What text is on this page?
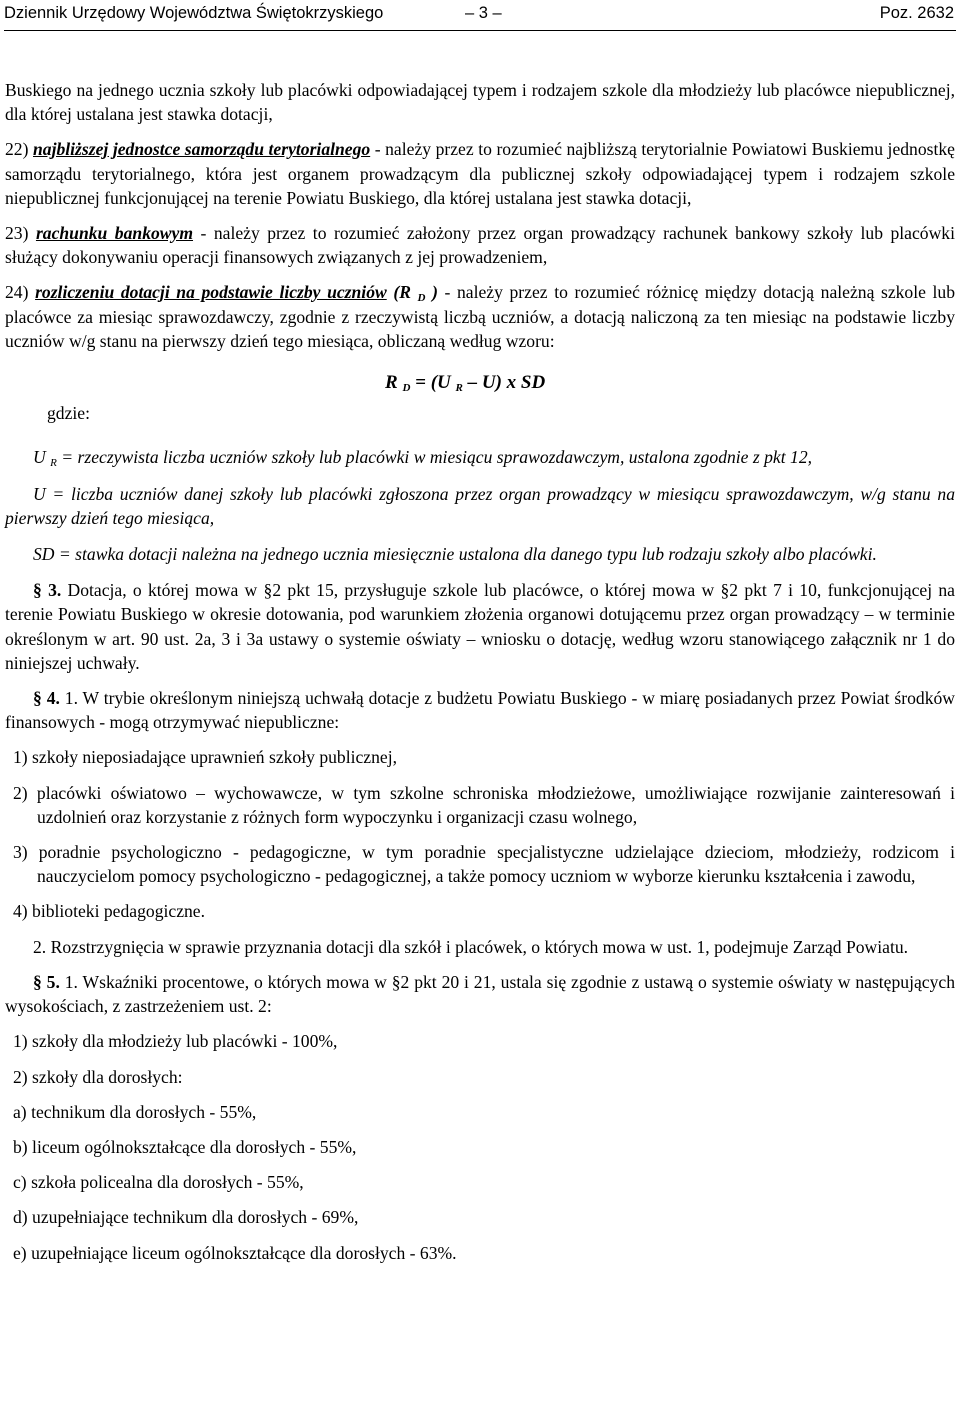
Dziennik Urzędowy Województwa Świętokrzyskiego	– 3 –	Poz. 2632

Buskiego na jednego ucznia szkoły lub placówki odpowiadającej typem i rodzajem szkole dla młodzieży lub placówce niepublicznej, dla której ustalana jest stawka dotacji,

22) najbliższej jednostce samorządu terytorialnego - należy przez to rozumieć najbliższą terytorialnie Powiatowi Buskiemu jednostkę samorządu terytorialnego, która jest organem prowadzącym dla publicznej szkoły odpowiadającej typem i rodzajem szkole niepublicznej funkcjonującej na terenie Powiatu Buskiego, dla której ustalana jest stawka dotacji,

23) rachunku bankowym - należy przez to rozumieć założony przez organ prowadzący rachunek bankowy szkoły lub placówki służący dokonywaniu operacji finansowych związanych z jej prowadzeniem,

24) rozliczeniu dotacji na podstawie liczby uczniów (R $_D$ ) - należy przez to rozumieć różnicę między dotacją należną szkole lub placówce za miesiąc sprawozdawczy, zgodnie z rzeczywistą liczbą uczniów, a dotacją naliczoną za ten miesiąc na podstawie liczby uczniów w/g stanu na pierwszy dzień tego miesiąca, obliczaną według wzoru:

R $_D$ = (U $_R$ – U) x SD
gdzie:

U $_R$ = rzeczywista liczba uczniów szkoły lub placówki w miesiącu sprawozdawczym, ustalona zgodnie z pkt 12,

U = liczba uczniów danej szkoły lub placówki zgłoszona przez organ prowadzący w miesiącu sprawozdawczym, w/g stanu na pierwszy dzień tego miesiąca,

SD = stawka dotacji należna na jednego ucznia miesięcznie ustalona dla danego typu lub rodzaju szkoły albo placówki.

§ 3. Dotacja, o której mowa w §2 pkt 15, przysługuje szkole lub placówce, o której mowa w §2 pkt 7 i 10, funkcjonującej na terenie Powiatu Buskiego w okresie dotowania, pod warunkiem złożenia organowi dotującemu przez organ prowadzący – w terminie określonym w art. 90 ust. 2a, 3 i 3a ustawy o systemie oświaty – wniosku o dotację, według wzoru stanowiącego załącznik nr 1 do niniejszej uchwały.

§ 4. 1. W trybie określonym niniejszą uchwałą dotacje z budżetu Powiatu Buskiego - w miarę posiadanych przez Powiat środków finansowych - mogą otrzymywać niepubliczne:

1) szkoły nieposiadające uprawnień szkoły publicznej,

2) placówki oświatowo – wychowawcze, w tym szkolne schroniska młodzieżowe, umożliwiające rozwijanie zainteresowań i uzdolnień oraz korzystanie z różnych form wypoczynku i organizacji czasu wolnego,

3) poradnie psychologiczno - pedagogiczne, w tym poradnie specjalistyczne udzielające dzieciom, młodzieży, rodzicom i nauczycielom pomocy psychologiczno - pedagogicznej, a także pomocy uczniom w wyborze kierunku kształcenia i zawodu,

4) biblioteki pedagogiczne.

2. Rozstrzygnięcia w sprawie przyznania dotacji dla szkół i placówek, o których mowa w ust. 1, podejmuje Zarząd Powiatu.

§ 5. 1. Wskaźniki procentowe, o których mowa w §2 pkt 20 i 21, ustala się zgodnie z ustawą o systemie oświaty w następujących wysokościach, z zastrzeżeniem ust. 2:

1) szkoły dla młodzieży lub placówki - 100%,

2) szkoły dla dorosłych:

a) technikum dla dorosłych - 55%,

b) liceum ogólnokształcące dla dorosłych - 55%,

c) szkoła policealna dla dorosłych - 55%,

d) uzupełniające technikum dla dorosłych - 69%,

e) uzupełniające liceum ogólnokształcące dla dorosłych - 63%.
